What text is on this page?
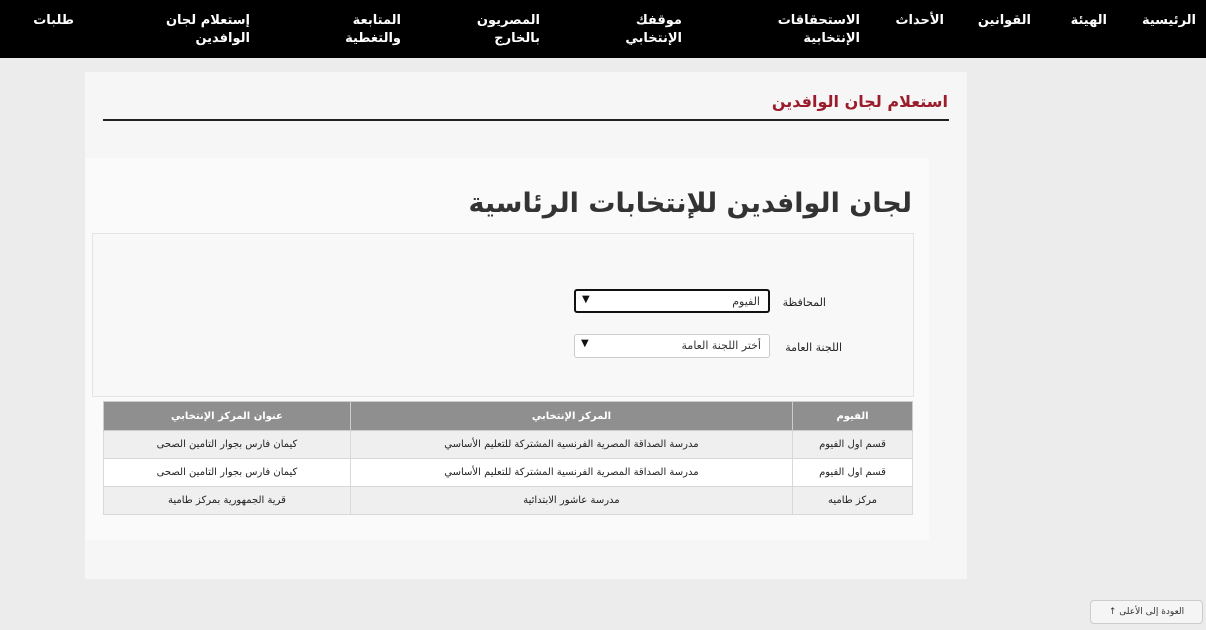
الرئيسية
الهيئة
القوانين
الأحداث
الاستحقاقات
الإنتخابية
موقفك
الإنتخابي
المصريون
بالخارج
المتابعة
والتغطية
إستعلام لجان
الوافدين
طلبات
استعلام لجان الوافدين
لجان الوافدين للإنتخابات الرئاسية
المحافظة
الفيوم
▼
اللجنة العامة
أختر اللجنة العامة
▼
الفيوم	المركز الإنتخابي	عنوان المركز الإنتخابي
قسم اول الفيوم	مدرسة الصداقة المصرية الفرنسية المشتركة للتعليم الأساسي	كيمان فارس بجوار التامين الصحى
قسم اول الفيوم	مدرسة الصداقة المصرية الفرنسية المشتركة للتعليم الأساسي	كيمان فارس بجوار التامين الصحى
مركز طاميه	مدرسة عاشور الابتدائية	قرية الجمهورية بمركز طامية
العودة إلى الأعلى ↑
